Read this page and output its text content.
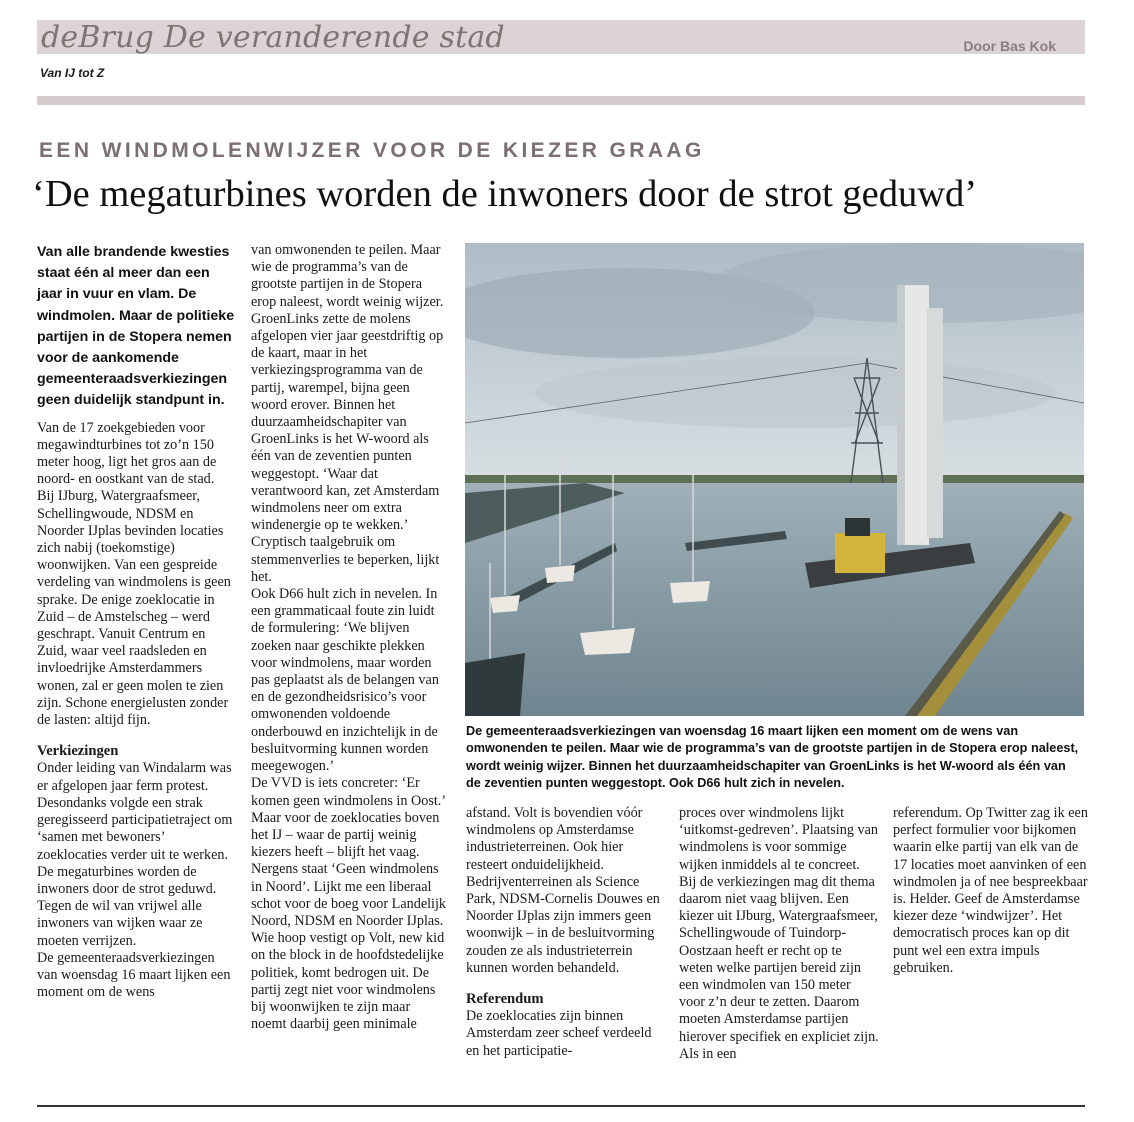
deBrug De veranderende stad	Door Bas Kok
Van IJ tot Z
EEN WINDMOLENWIJZER VOOR DE KIEZER GRAAG
‘De megaturbines worden de inwoners door de strot geduwd’

Van alle brandende kwesties staat één al meer dan een jaar in vuur en vlam. De windmolen. Maar de politieke partijen in de Stopera nemen voor de aankomende gemeenteraadsverkiezingen geen duidelijk standpunt in.

Van de 17 zoekgebieden voor megawindturbines tot zo’n 150 meter hoog, ligt het gros aan de noord- en oostkant van de stad. Bij IJburg, Watergraafsmeer, Schellingwoude, NDSM en Noorder IJplas bevinden locaties zich nabij (toekomstige) woonwijken. Van een gespreide verdeling van windmolens is geen sprake. De enige zoeklocatie in Zuid – de Amstelscheg – werd geschrapt. Vanuit Centrum en Zuid, waar veel raadsleden en invloedrijke Amsterdammers wonen, zal er geen molen te zien zijn. Schone energielusten zonder de lasten: altijd fijn.

Verkiezingen

Onder leiding van Windalarm was er afgelopen jaar ferm protest. Desondanks volgde een strak geregisseerd participatietraject om ‘samen met bewoners’ zoeklocaties verder uit te werken. De megaturbines worden de inwoners door de strot geduwd. Tegen de wil van vrijwel alle inwoners van wijken waar ze moeten verrijzen.

De gemeenteraadsverkiezingen van woensdag 16 maart lijken een moment om de wens

van omwonenden te peilen. Maar wie de programma’s van de grootste partijen in de Stopera erop naleest, wordt weinig wijzer. GroenLinks zette de molens afgelopen vier jaar geestdriftig op de kaart, maar in het verkiezingsprogramma van de partij, warempel, bijna geen woord erover. Binnen het duurzaamheidschapiter van GroenLinks is het W-woord als één van de zeventien punten weggestopt. ‘Waar dat verantwoord kan, zet Amsterdam windmolens neer om extra windenergie op te wekken.’ Cryptisch taalgebruik om stemmenverlies te beperken, lijkt het.

Ook D66 hult zich in nevelen. In een grammaticaal foute zin luidt de formulering: ‘We blijven zoeken naar geschikte plekken voor windmolens, maar worden pas geplaatst als de belangen van en de gezondheidsrisico’s voor omwonenden voldoende onderbouwd en inzichtelijk in de besluitvorming kunnen worden meegewogen.’

De VVD is iets concreter: ‘Er komen geen windmolens in Oost.’ Maar voor de zoeklocaties boven het IJ – waar de partij weinig kiezers heeft – blijft het vaag. Nergens staat ‘Geen windmolens in Noord’. Lijkt me een liberaal schot voor de boeg voor Landelijk Noord, NDSM en Noorder IJplas. Wie hoop vestigt op Volt, new kid on the block in de hoofdstedelijke politiek, komt bedrogen uit. De partij zegt niet voor windmolens bij woonwijken te zijn maar noemt daarbij geen minimale

De gemeenteraadsverkiezingen van woensdag 16 maart lijken een moment om de wens van omwonenden te peilen. Maar wie de programma’s van de grootste partijen in de Stopera erop naleest, wordt weinig wijzer. Binnen het duurzaamheidschapiter van GroenLinks is het W-woord als één van de zeventien punten weggestopt. Ook D66 hult zich in nevelen.

afstand. Volt is bovendien vóór windmolens op Amsterdamse industrieterreinen. Ook hier resteert onduidelijkheid. Bedrijventerreinen als Science Park, NDSM-Cornelis Douwes en Noorder IJplas zijn immers geen woonwijk – in de besluitvorming zouden ze als industrieterrein kunnen worden behandeld.

Referendum

De zoeklocaties zijn binnen Amsterdam zeer scheef verdeeld en het participatie-

proces over windmolens lijkt ‘uitkomst-gedreven’. Plaatsing van windmolens is voor sommige wijken inmiddels al te concreet. Bij de verkiezingen mag dit thema daarom niet vaag blijven. Een kiezer uit IJburg, Watergraafsmeer, Schellingwoude of Tuindorp-Oostzaan heeft er recht op te weten welke partijen bereid zijn een windmolen van 150 meter voor z’n deur te zetten. Daarom moeten Amsterdamse partijen hierover specifiek en expliciet zijn. Als in een

referendum. Op Twitter zag ik een perfect formulier voor bijkomen waarin elke partij van elk van de 17 locaties moet aanvinken of een windmolen ja of nee bespreekbaar is. Helder. Geef de Amsterdamse kiezer deze ‘windwijzer’. Het democratisch proces kan op dit punt wel een extra impuls gebruiken.
